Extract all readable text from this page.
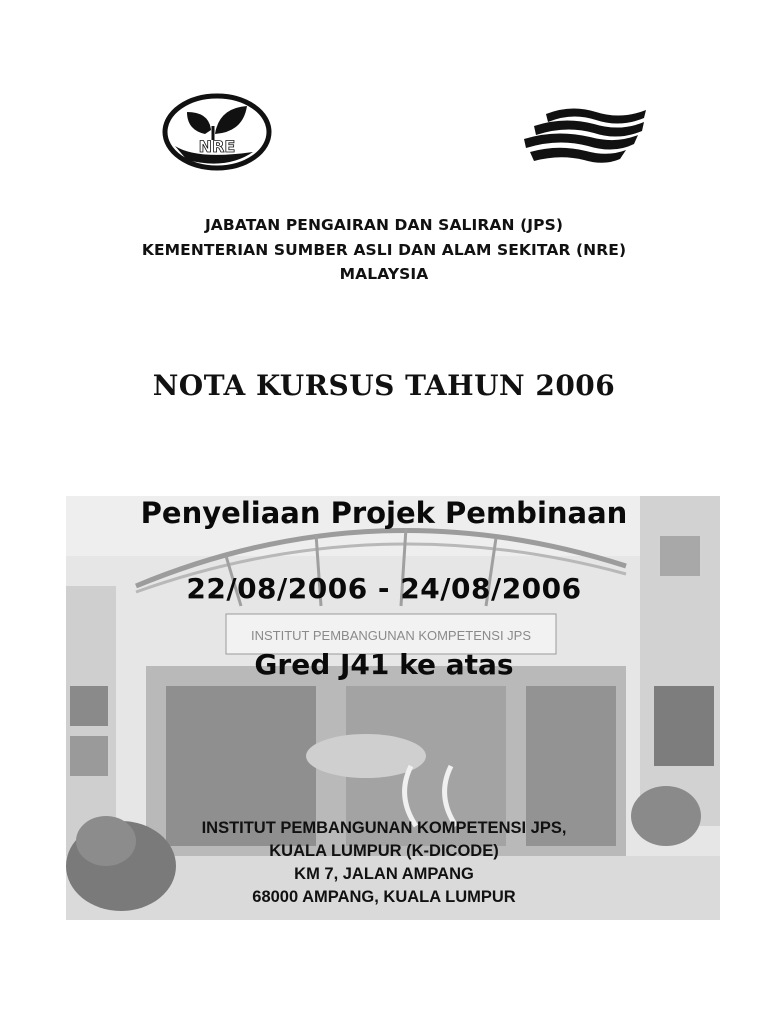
NRE
JABATAN PENGAIRAN DAN SALIRAN (JPS)
KEMENTERIAN SUMBER ASLI DAN ALAM SEKITAR (NRE)
MALAYSIA
NOTA KURSUS TAHUN 2006
INSTITUT PEMBANGUNAN KOMPETENSI JPS
Penyeliaan Projek Pembinaan
22/08/2006 - 24/08/2006
Gred J41 ke atas
INSTITUT PEMBANGUNAN KOMPETENSI JPS,
KUALA LUMPUR (K-DICODE)
KM 7, JALAN AMPANG
68000 AMPANG, KUALA LUMPUR
